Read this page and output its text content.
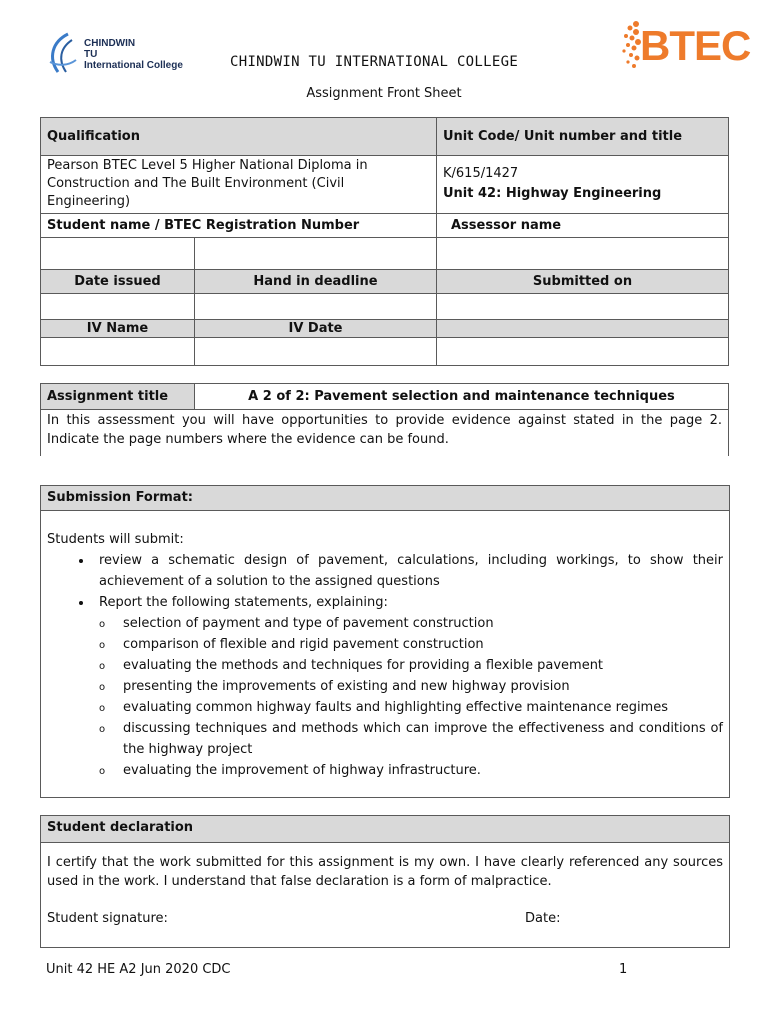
CHINDWIN
TU
International College	BTEC
CHINDWIN TU INTERNATIONAL COLLEGE
Assignment Front Sheet
Qualification		Unit Code/ Unit number and title
Pearson BTEC Level 5 Higher National Diploma in Construction and The Built Environment (Civil Engineering)		K/615/1427
Unit 42: Highway Engineering

Student name / BTEC Registration Number		Assessor name

Date issued	Hand in deadline	Submitted on

IV Name	IV Date	

Assignment title	A 2 of 2: Pavement selection and maintenance techniques
In this assessment you will have opportunities to provide evidence against stated in the page 2. Indicate the page numbers where the evidence can be found.
Submission Format:
Students will submit:
• review a schematic design of pavement, calculations, including workings, to show their achievement of a solution to the assigned questions
• Report the following statements, explaining:
o selection of payment and type of pavement construction
o comparison of flexible and rigid pavement construction
o evaluating the methods and techniques for providing a flexible pavement
o presenting the improvements of existing and new highway provision
o evaluating common highway faults and highlighting effective maintenance regimes
o discussing techniques and methods which can improve the effectiveness and conditions of the highway project
o evaluating the improvement of highway infrastructure.
Student declaration
I certify that the work submitted for this assignment is my own. I have clearly referenced any sources used in the work. I understand that false declaration is a form of malpractice.
Student signature:	Date:
Unit 42 HE A2 Jun 2020 CDC	1
